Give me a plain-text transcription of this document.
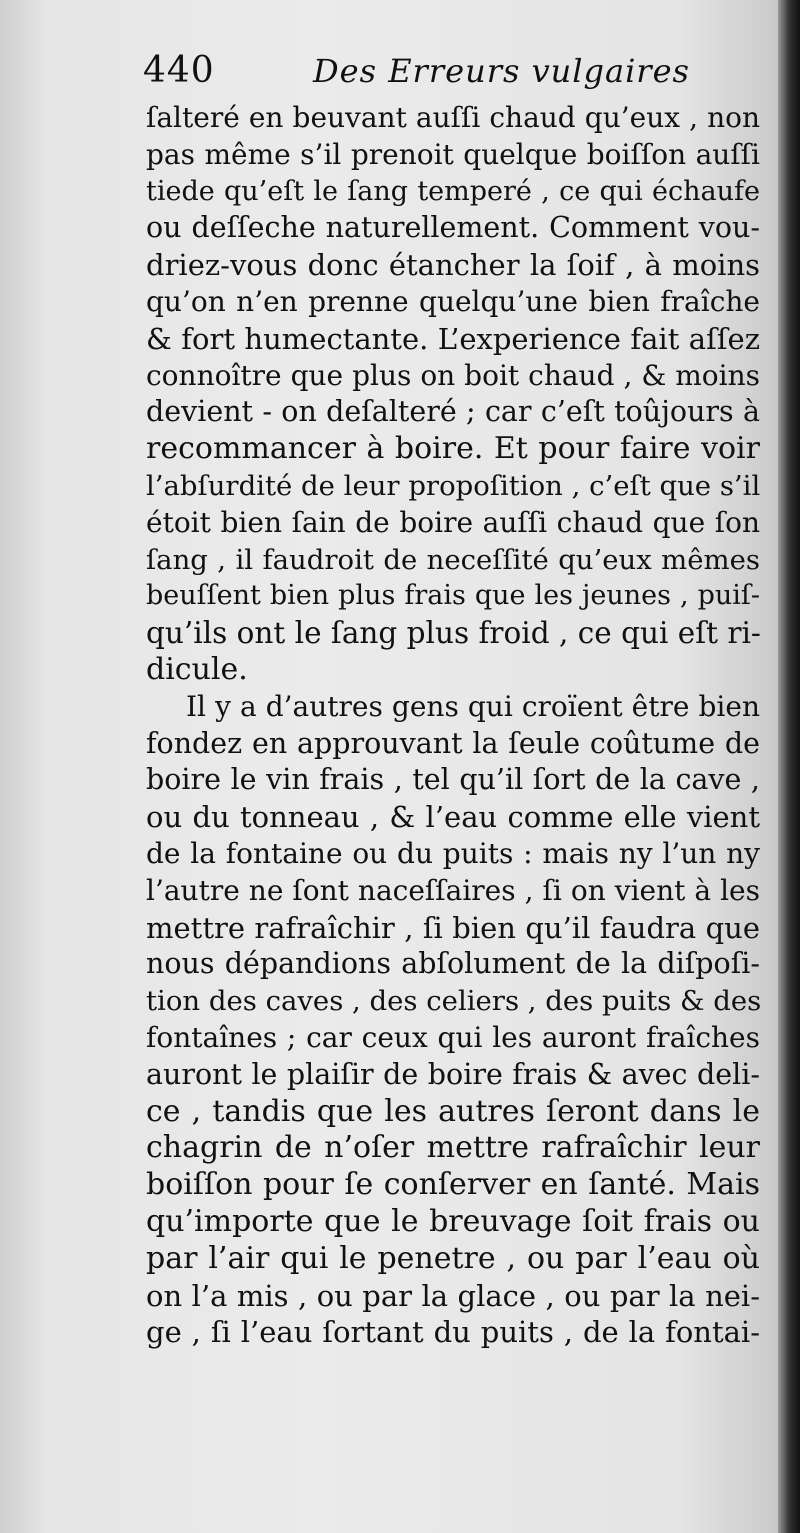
440	Des Erreurs vulgaires
ſalteré en beuvant auſſi chaud qu’eux , non
pas même s’il prenoit quelque boiſſon auſſi
tiede qu’eſt le ſang temperé , ce qui échaufe
ou deſſeche naturellement. Comment vou-
driez-vous donc étancher la ſoif , à moins
qu’on n’en prenne quelqu’une bien fraîche
& fort humectante. L’experience fait aſſez
connoître que plus on boit chaud , & moins
devient - on deſalteré ; car c’eſt toûjours à
recommancer à boire. Et pour faire voir
l’abſurdité de leur propoſition , c’eſt que s’il
étoit bien ſain de boire auſſi chaud que ſon
ſang , il faudroit de neceſſité qu’eux mêmes
beuſſent bien plus frais que les jeunes , puiſ-
qu’ils ont le ſang plus froid , ce qui eſt ri-
dicule.
Il y a d’autres gens qui croïent être bien
fondez en approuvant la ſeule coûtume de
boire le vin frais , tel qu’il ſort de la cave ,
ou du tonneau , & l’eau comme elle vient
de la fontaine ou du puits : mais ny l’un ny
l’autre ne ſont naceſſaires , ſi on vient à les
mettre rafraîchir , ſi bien qu’il faudra que
nous dépandions abſolument de la diſpoſi-
tion des caves , des celiers , des puits & des
fontaînes ; car ceux qui les auront fraîches
auront le plaiſir de boire frais & avec deli-
ce , tandis que les autres ſeront dans le
chagrin de n’oſer mettre rafraîchir leur
boiſſon pour ſe conſerver en ſanté. Mais
qu’importe que le breuvage ſoit frais ou
par l’air qui le penetre , ou par l’eau où
on l’a mis , ou par la glace , ou par la nei-
ge , ſi l’eau ſortant du puits , de la fontai-
